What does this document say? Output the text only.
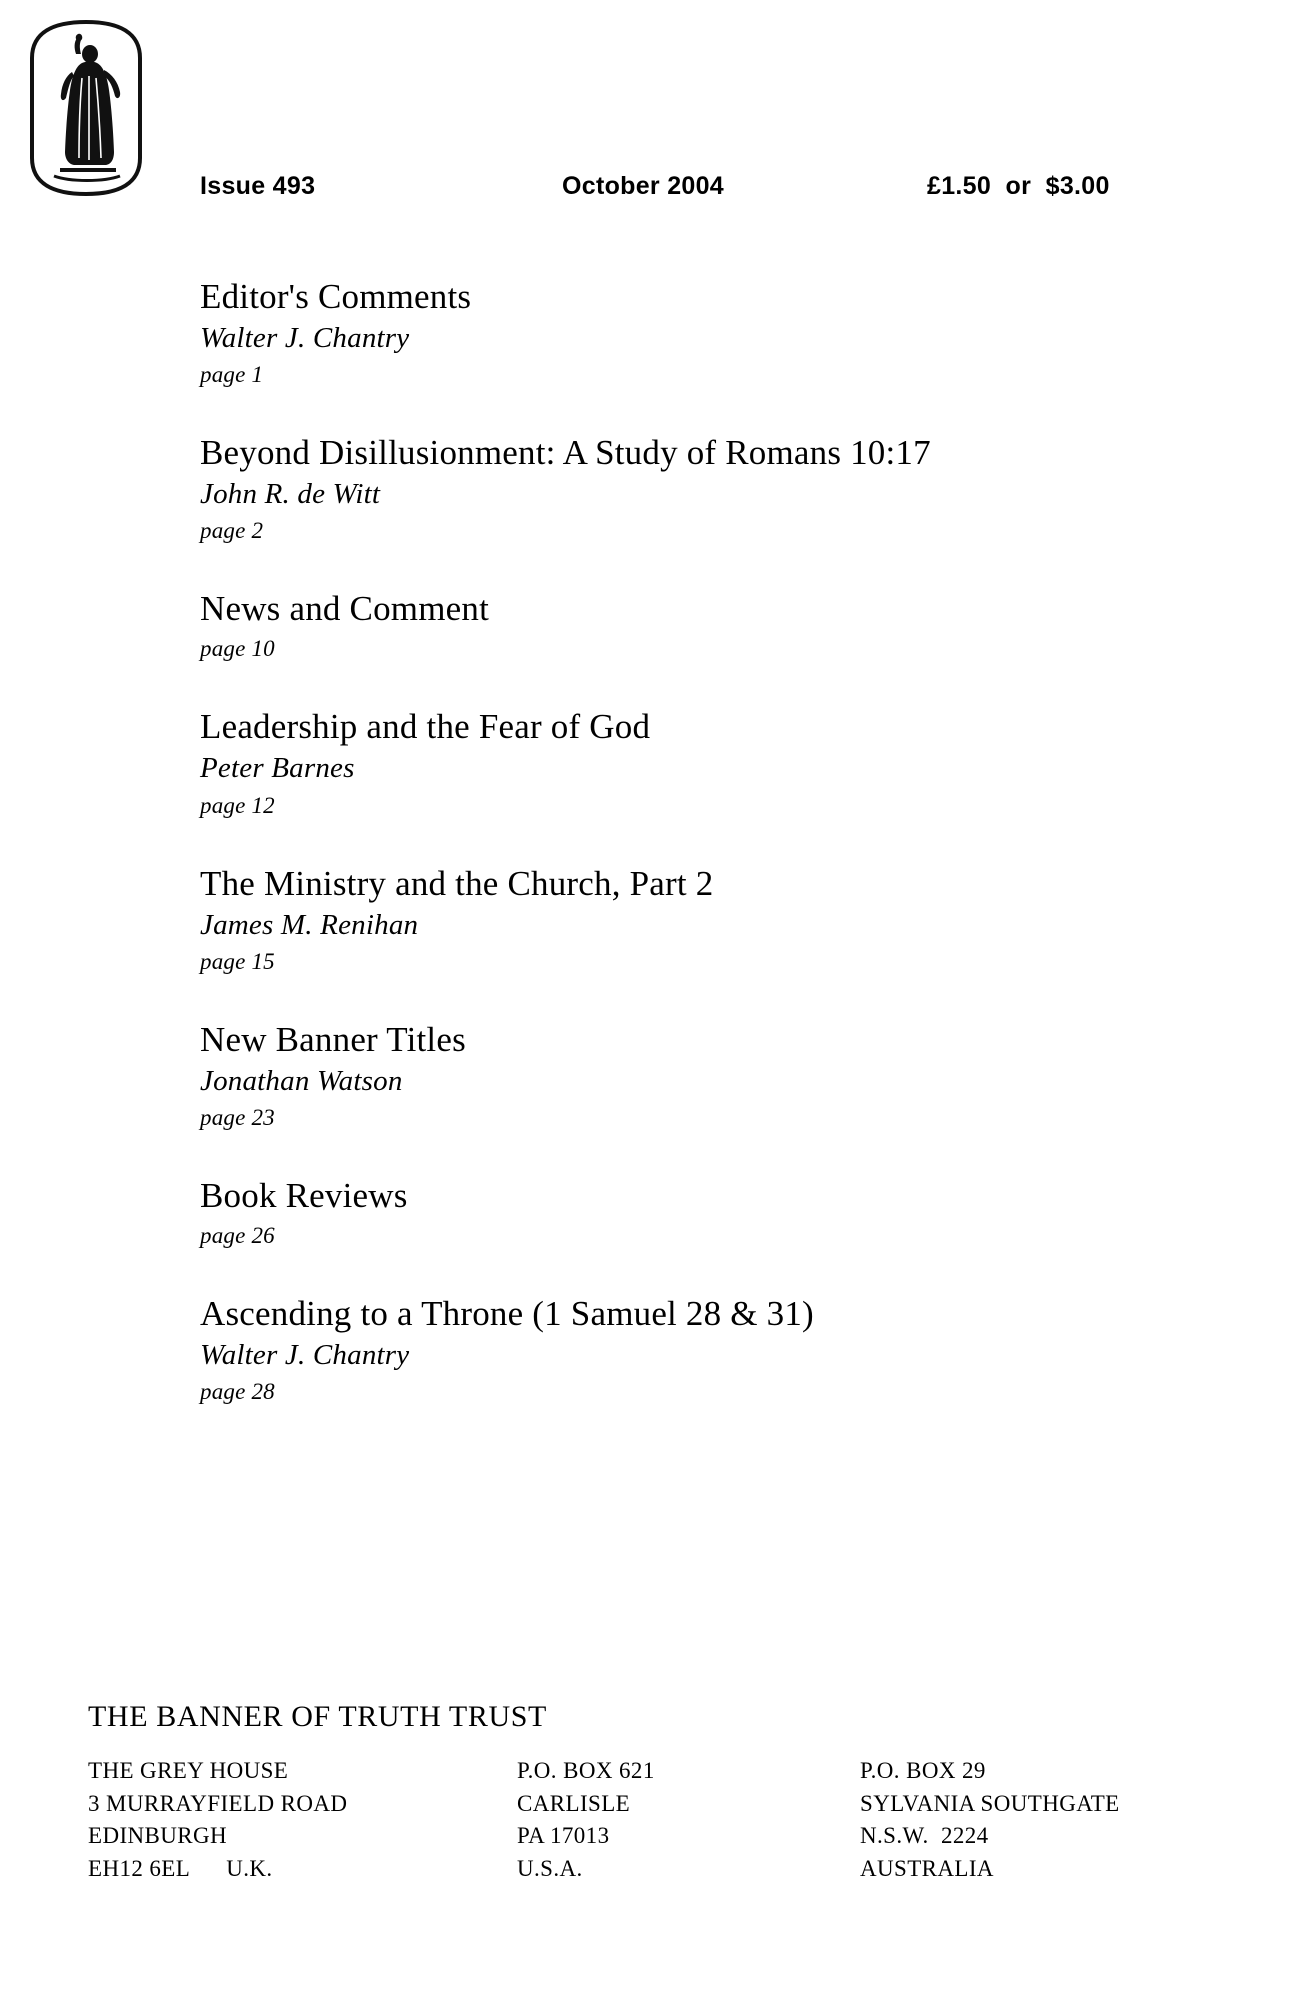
Issue 493	October 2004	£1.50  or  $3.00
Editor's Comments
Walter J. Chantry
page 1
Beyond Disillusionment: A Study of Romans 10:17
John R. de Witt
page 2
News and Comment
page 10
Leadership and the Fear of God
Peter Barnes
page 12
The Ministry and the Church, Part 2
James M. Renihan
page 15
New Banner Titles
Jonathan Watson
page 23
Book Reviews
page 26
Ascending to a Throne (1 Samuel 28 & 31)
Walter J. Chantry
page 28
THE BANNER OF TRUTH TRUST
THE GREY HOUSE
3 MURRAYFIELD ROAD
EDINBURGH
EH12 6EL      U.K.
P.O. BOX 621
CARLISLE
PA 17013
U.S.A.
P.O. BOX 29
SYLVANIA SOUTHGATE
N.S.W.  2224
AUSTRALIA
